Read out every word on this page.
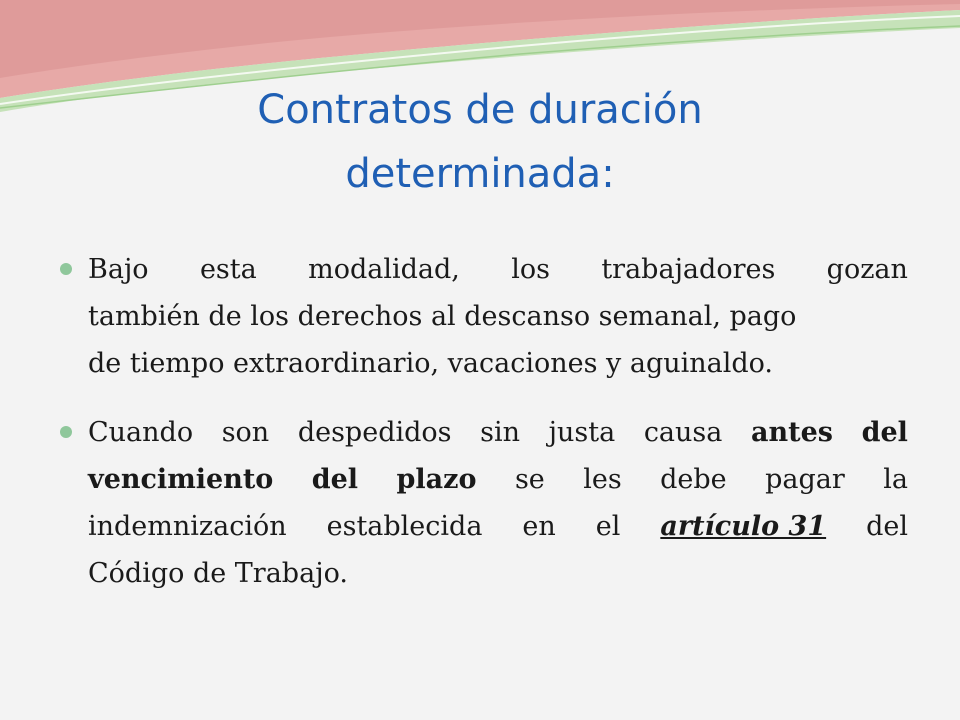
Contratos de duración
determinada:
Bajo esta modalidad, los trabajadores gozan
también de los derechos al descanso semanal, pago
de tiempo extraordinario, vacaciones y aguinaldo.
Cuando son despedidos sin justa causa antes del
vencimiento del plazo se les debe pagar la
indemnización establecida en el artículo 31 del
Código de Trabajo.
